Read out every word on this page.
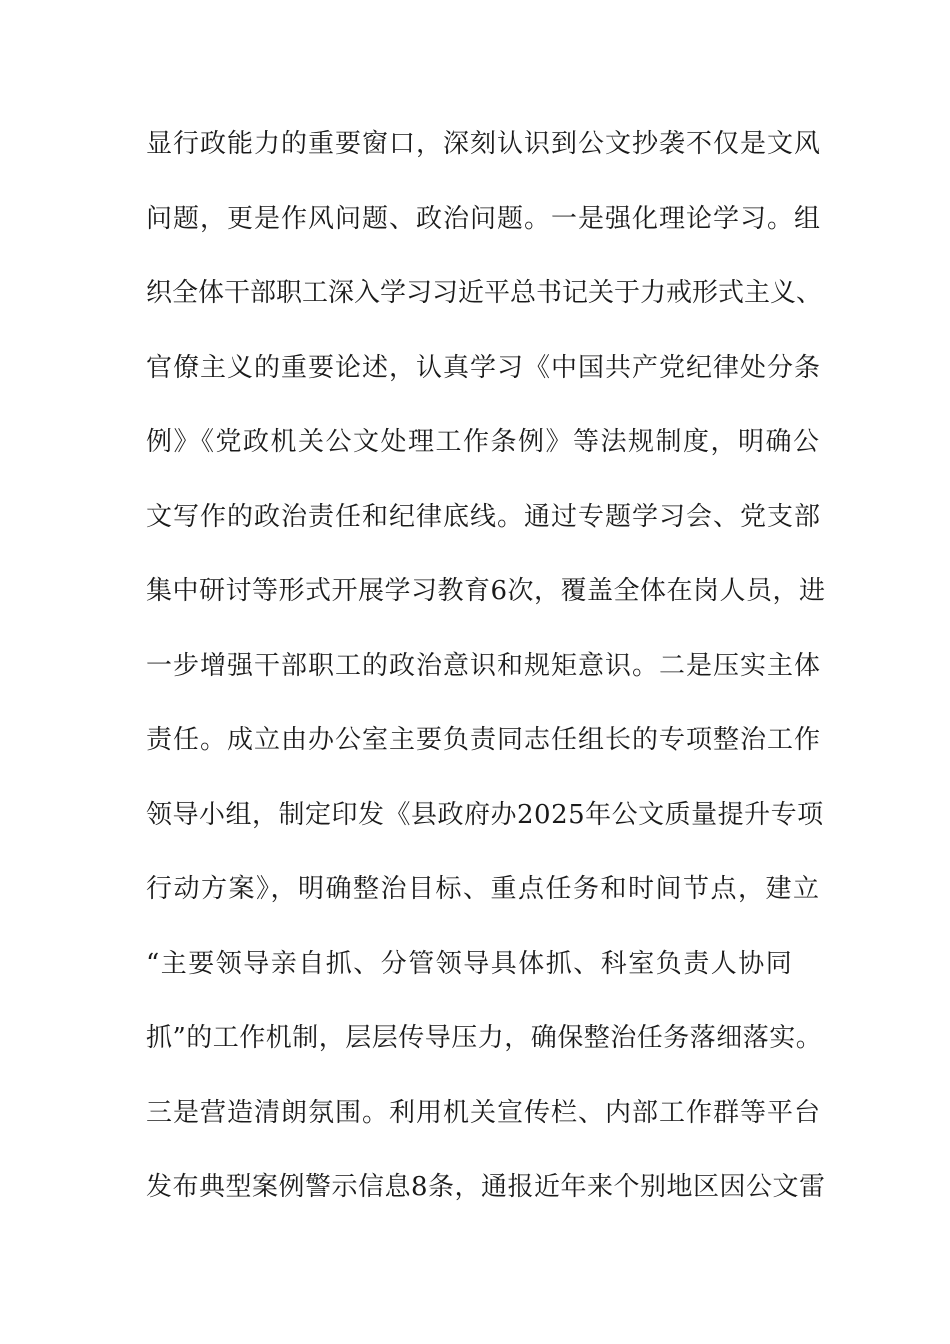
显行政能力的重要窗口，深刻认识到公文抄袭不仅是文风
问题，更是作风问题、政治问题。一是强化理论学习。组
织全体干部职工深入学习习近平总书记关于力戒形式主义、
官僚主义的重要论述，认真学习《中国共产党纪律处分条
例》《党政机关公文处理工作条例》等法规制度，明确公
文写作的政治责任和纪律底线。通过专题学习会、党支部
集中研讨等形式开展学习教育6次，覆盖全体在岗人员，进
一步增强干部职工的政治意识和规矩意识。二是压实主体
责任。成立由办公室主要负责同志任组长的专项整治工作
领导小组，制定印发《县政府办2025年公文质量提升专项
行动方案》，明确整治目标、重点任务和时间节点，建立
“主要领导亲自抓、分管领导具体抓、科室负责人协同
抓”的工作机制，层层传导压力，确保整治任务落细落实。
三是营造清朗氛围。利用机关宣传栏、内部工作群等平台
发布典型案例警示信息8条，通报近年来个别地区因公文雷
